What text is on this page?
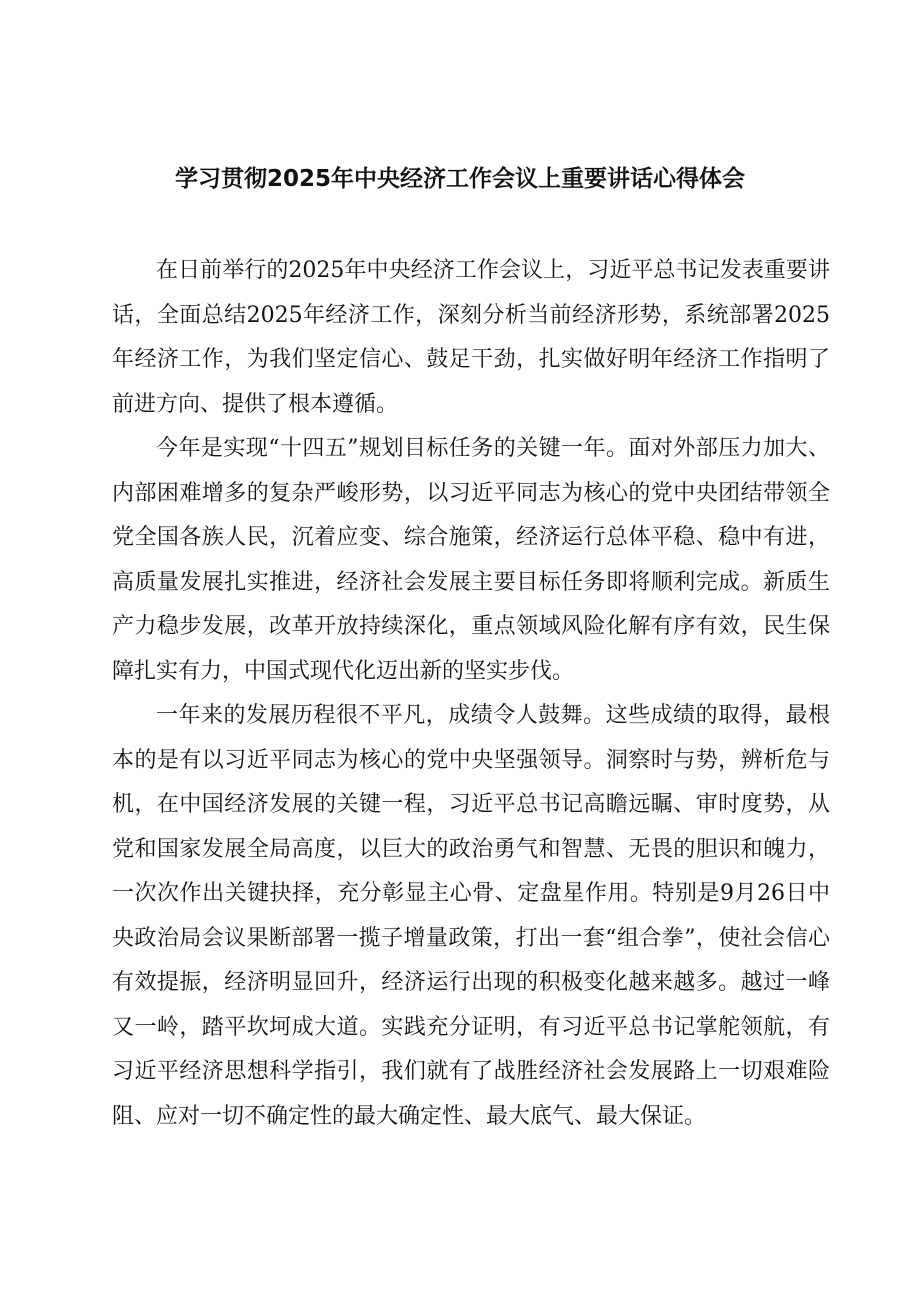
学习贯彻2025年中央经济工作会议上重要讲话心得体会

在日前举行的2025年中央经济工作会议上，习近平总书记发表重要讲话，全面总结2025年经济工作，深刻分析当前经济形势，系统部署2025年经济工作，为我们坚定信心、鼓足干劲，扎实做好明年经济工作指明了前进方向、提供了根本遵循。

今年是实现“十四五”规划目标任务的关键一年。面对外部压力加大、内部困难增多的复杂严峻形势，以习近平同志为核心的党中央团结带领全党全国各族人民，沉着应变、综合施策，经济运行总体平稳、稳中有进，高质量发展扎实推进，经济社会发展主要目标任务即将顺利完成。新质生产力稳步发展，改革开放持续深化，重点领域风险化解有序有效，民生保障扎实有力，中国式现代化迈出新的坚实步伐。

一年来的发展历程很不平凡，成绩令人鼓舞。这些成绩的取得，最根本的是有以习近平同志为核心的党中央坚强领导。洞察时与势，辨析危与机，在中国经济发展的关键一程，习近平总书记高瞻远瞩、审时度势，从党和国家发展全局高度，以巨大的政治勇气和智慧、无畏的胆识和魄力，一次次作出关键抉择，充分彰显主心骨、定盘星作用。特别是9月26日中央政治局会议果断部署一揽子增量政策，打出一套“组合拳”，使社会信心有效提振，经济明显回升，经济运行出现的积极变化越来越多。越过一峰又一岭，踏平坎坷成大道。实践充分证明，有习近平总书记掌舵领航，有习近平经济思想科学指引，我们就有了战胜经济社会发展路上一切艰难险阻、应对一切不确定性的最大确定性、最大底气、最大保证。
